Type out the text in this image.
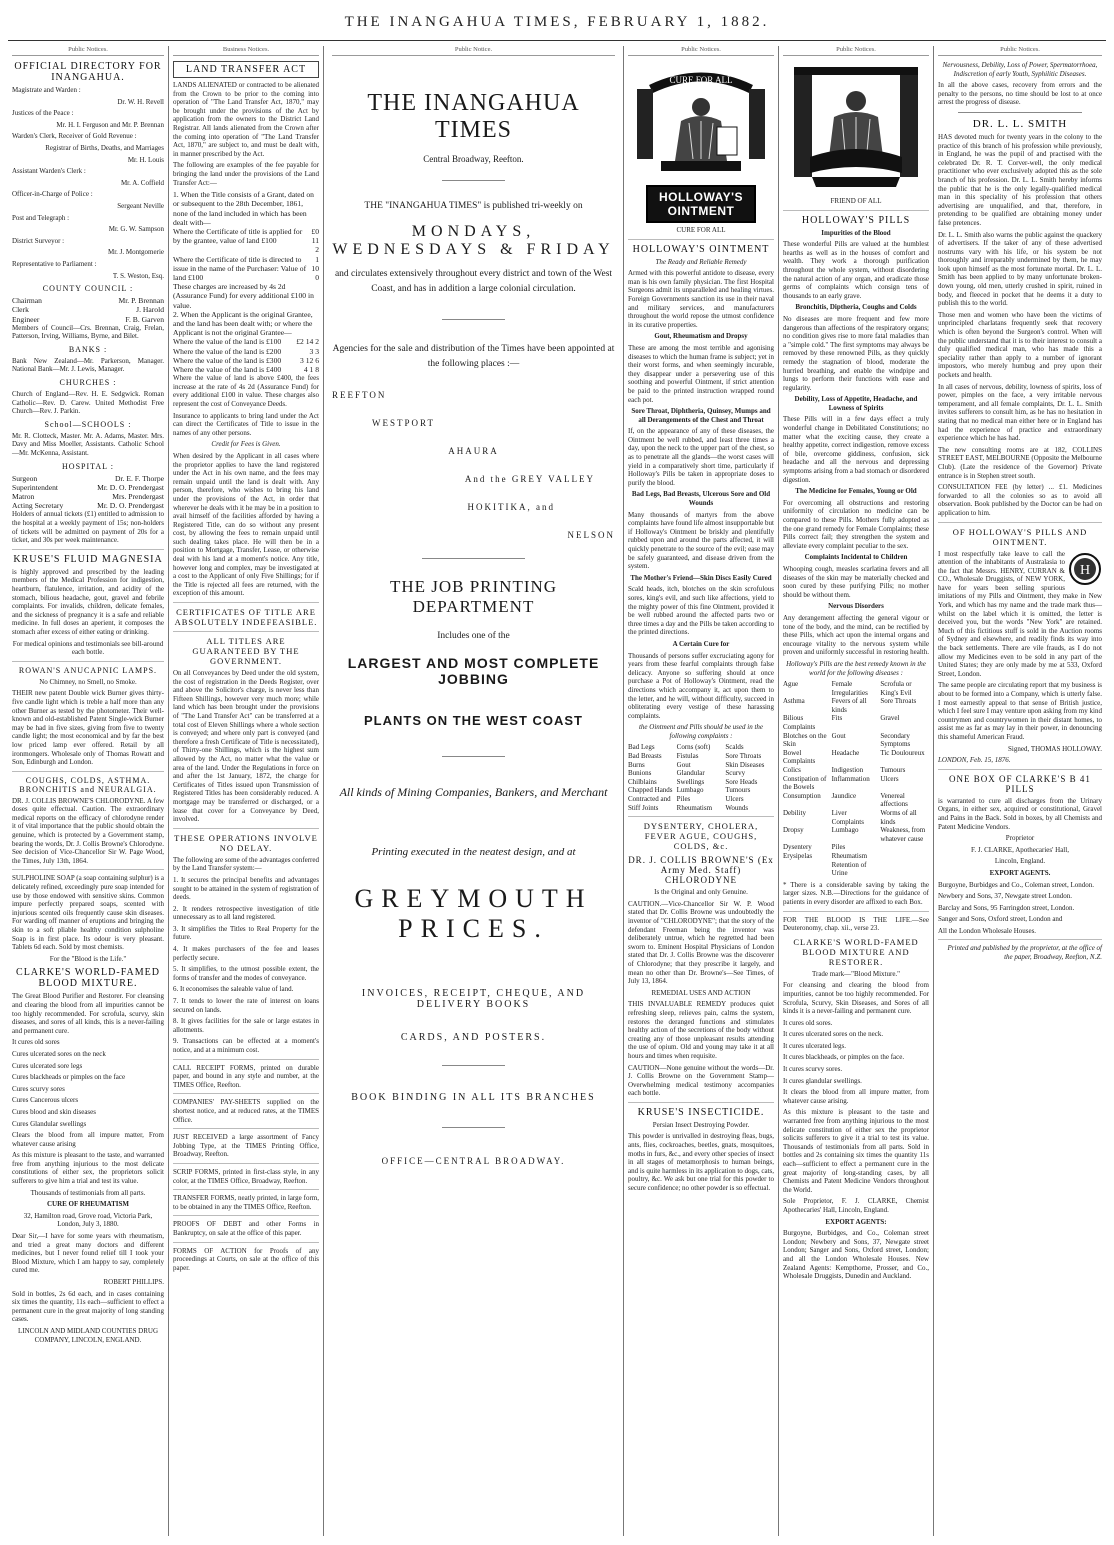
THE INANGAHUA TIMES, FEBRUARY 1, 1882.
Public Notices.
OFFICIAL DIRECTORY FOR INANGAHUA.
Magistrate and Warden :
Dr. W. H. Revell
Justices of the Peace :
Mr. H. I. Ferguson and Mr. P. Brennan
Warden's Clerk, Receiver of Gold Revenue :
Registrar of Births, Deaths, and Marriages
Mr. H. Louis
Assistant Warden's Clerk :
Mr. A. Coffield
Officer-in-Charge of Police :
Sergeant Neville
Post and Telegraph :
Mr. G. W. Sampson
District Surveyor :
Mr. J. Montgomerie
Representative to Parliament :
T. S. Weston, Esq.
COUNTY COUNCIL :
Chairman	Mr. P. Brennan
Clerk	J. Harold
Engineer	F. B. Garven
Members of Council—Crs. Brennan, Craig, Frelan, Patterson, Irving, Williams, Byrne, and Bilet.
BANKS :
Bank New Zealand—Mr. Parkerson, Manager. National Bank—Mr. J. Lewis, Manager.
CHURCHES :
Church of England—Rev. H. E. Sedgwick. Roman Catholic—Rev. D. Carew. United Methodist Free Church—Rev. J. Parkin.
School—SCHOOLS :
Mr. R. Clotteck, Master. Mr. A. Adams, Master. Mrs. Davy and Miss Moeller, Assistants. Catholic School—Mr. McKenna, Assistant.
HOSPITAL :
Surgeon	Dr. E. F. Thorpe
Superintendent	Mr. D. O. Prendergast
Matron	Mrs. Prendergast
Acting Secretary	Mr. D. O. Prendergast
Holders of annual tickets (£1) entitled to admission to the hospital at a weekly payment of 15s; non-holders of tickets will be admitted on payment of 20s for a ticket, and 30s per week maintenance.
KRUSE'S FLUID MAGNESIA
is highly approved and prescribed by the leading members of the Medical Profession for indigestion, heartburn, flatulence, irritation, and acidity of the stomach, bilious headache, gout, gravel and febrile complaints. For invalids, children, delicate females, and the sickness of pregnancy it is a safe and reliable medicine. In full doses an aperient, it composes the stomach after excess of either eating or drinking.
For medical opinions and testimonials see bill-around each bottle.
ROWAN'S ANUCAPNIC LAMPS.
No Chimney, no Smell, no Smoke.
THEIR new patent Double wick Burner gives thirty-five candle light which is treble a half more than any other Burner as tested by the photometer. Their well-known and old-established Patent Single-wick Burner may be had in five sizes, giving from five to twenty candle light; the most economical and by far the best low priced lamp ever offered. Retail by all ironmongers. Wholesale only of Thomas Rowatt and Son, Edinburgh and London.
COUGHS, COLDS, ASTHMA. BRONCHITIS and NEURALGIA.
DR. J. COLLIS BROWNE'S CHLORODYNE. A few doses quite effectual. Caution. The extraordinary medical reports on the efficacy of chlorodyne render it of vital importance that the public should obtain the genuine, which is protected by a Government stamp, bearing the words, Dr. J. Collis Browne's Chlorodyne. See decision of Vice-Chancellor Sir W. Page Wood, the Times, July 13th, 1864.
SULPHOLINE SOAP (a soap containing sulphur) is a delicately refined, exceedingly pure soap intended for use by those endowed with sensitive skins. Common impure perfectly prepared soaps, scented with injurious scented oils frequently cause skin diseases. For warding off manner of eruptions and bringing the skin to a soft pliable healthy condition sulpholine Soap is in first place. Its odour is very pleasant. Tablets 6d each. Sold by most chemists.
For the "Blood is the Life."
CLARKE'S WORLD-FAMED BLOOD MIXTURE.
The Great Blood Purifier and Restorer. For cleansing and clearing the blood from all impurities cannot be too highly recommended. For scrofula, scurvy, skin diseases, and sores of all kinds, this is a never-failing and permanent cure.
It cures old sores
Cures ulcerated sores on the neck
Cures ulcerated sore legs
Cures blackheads or pimples on the face
Cures scurvy sores
Cures Cancerous ulcers
Cures blood and skin diseases
Cures Glandular swellings
Clears the blood from all impure matter, From whatever cause arising
As this mixture is pleasant to the taste, and warranted free from anything injurious to the most delicate constitutions of either sex, the proprietors solicit sufferers to give him a trial and test its value.
Thousands of testimonials from all parts.
CURE OF RHEUMATISM
32, Hamilton road, Grove road, Victoria Park, London, July 3, 1880.
Dear Sir,—I have for some years with rheumatism, and tried a great many doctors and different medicines, but I never found relief till I took your Blood Mixture, which I am happy to say, completely cured me.
ROBERT PHILLIPS.
Sold in bottles, 2s 6d each, and in cases containing six times the quantity, 11s each—sufficient to effect a permanent cure in the great majority of long standing cases.
LINCOLN AND MIDLAND COUNTIES DRUG COMPANY, LINCOLN, ENGLAND.
Business Notices.
LAND TRANSFER ACT
LANDS ALIENATED or contracted to be alienated from the Crown to be prior to the coming into operation of "The Land Transfer Act, 1870," may be brought under the provisions of the Act by application from the owners to the District Land Registrar. All lands alienated from the Crown after the coming into operation of "The Land Transfer Act, 1870," are subject to, and must be dealt with, in manner prescribed by the Act.
The following are examples of the fee payable for bringing the land under the provisions of the Land Transfer Act:—
1. When the Title consists of a Grant, dated on or subsequent to the 28th December, 1861, none of the land included in which has been dealt with—
Where the Certificate of title is applied for by the grantee, value of land £100
£0 11 2
Where the Certificate of title is directed to issue in the name of the Purchaser: Value of land £100
1 10 0
These charges are increased by 4s 2d (Assurance Fund) for every additional £100 in value.
2. When the Applicant is the original Grantee, and the land has been dealt with; or where the Applicant is not the original Grantee—
Where the value of the land is £100 £2 14 2
Where the value of the land is £200	3 3
Where the value of the land is £300 3 12 6
Where the value of the land is £400	4 1 8
Where the value of land is above £400, the fees increase at the rate of 4s 2d (Assurance Fund) for every additional £100 in value. These charges also represent the cost of Conveyance Deeds.
Insurance to applicants to bring land under the Act can direct the Certificates of Title to issue in the names of any other persons.
Credit for Fees is Given.
When desired by the Applicant in all cases where the proprietor applies to have the land registered under the Act in his own name, and the fees may remain unpaid until the land is dealt with. Any person, therefore, who wishes to bring his land under the provisions of the Act, in order that wherever he deals with it he may be in a position to avail himself of the facilities afforded by having a Registered Title, can do so without any present cost, by allowing the fees to remain unpaid until such dealing takes place. He will then be in a position to Mortgage, Transfer, Lease, or otherwise deal with his land at a moment's notice. Any title, however long and complex, may be investigated at a cost to the Applicant of only Five Shillings; for if the Title is rejected all fees are returned, with the exception of this amount.
CERTIFICATES OF TITLE ARE ABSOLUTELY INDEFEASIBLE.
ALL TITLES ARE GUARANTEED BY THE GOVERNMENT.
On all Conveyances by Deed under the old system, the cost of registration in the Deeds Register, over and above the Solicitor's charge, is never less than Fifteen Shillings, however very much more; while land which has been brought under the provisions of "The Land Transfer Act" can be transferred at a total cost of Eleven Shillings where a whole section is conveyed; and where only part is conveyed (and therefore a fresh Certificate of Title is necessitated), of Thirty-one Shillings, which is the highest sum allowed by the Act, no matter what the value or area of the land. Under the Regulations in force on and after the 1st January, 1872, the charge for Certificates of Titles issued upon Transmission of Registered Titles has been considerably reduced. A mortgage may be transferred or discharged, or a lease that cover for a Conveyance by Deed, involved.
THESE OPERATIONS INVOLVE NO DELAY.
The following are some of the advantages conferred by the Land Transfer system:—
1. It secures the principal benefits and advantages sought to be attained in the system of registration of deeds.
2. It renders retrospective investigation of title unnecessary as to all land registered.
3. It simplifies the Titles to Real Property for the future.
4. It makes purchasers of the fee and leases perfectly secure.
5. It simplifies, to the utmost possible extent, the forms of transfer and the modes of conveyance.
6. It economises the saleable value of land.
7. It tends to lower the rate of interest on loans secured on lands.
8. It gives facilities for the sale or large estates in allotments.
9. Transactions can be effected at a moment's notice, and at a minimum cost.
CALL RECEIPT FORMS, printed on durable paper, and bound in any style and number, at the TIMES Office, Reefton.
COMPANIES' PAY-SHEETS supplied on the shortest notice, and at reduced rates, at the TIMES Office.
JUST RECEIVED a large assortment of Fancy Jobbing Type, at the TIMES Printing Office, Broadway, Reefton.
SCRIP FORMS, printed in first-class style, in any color, at the TIMES Office, Broadway, Reefton.
TRANSFER FORMS, neatly printed, in large form, to be obtained in any the TIMES Office, Reefton.
PROOFS OF DEBT and other Forms in Bankruptcy, on sale at the office of this paper.
FORMS OF ACTION for Proofs of any proceedings at Courts, on sale at the office of this paper.
Public Notice.
THE INANGAHUA TIMES
Central Broadway, Reefton.
THE "INANGAHUA TIMES" is published tri-weekly on
MONDAYS, WEDNESDAYS & FRIDAY
and circulates extensively throughout every district and town of the West Coast, and has in addition a large colonial circulation.
Agencies for the sale and distribution of the Times have been appointed at the following places :—
REEFTON
WESTPORT
AHAURA
And the GREY VALLEY
HOKITIKA, and
NELSON
THE JOB PRINTING DEPARTMENT
Includes one of the
LARGEST AND MOST COMPLETE JOBBING
PLANTS ON THE WEST COAST
All kinds of Mining Companies, Bankers, and Merchant
Printing executed in the neatest design, and at
GREYMOUTH PRICES.
INVOICES, RECEIPT, CHEQUE, AND DELIVERY BOOKS
CARDS, AND POSTERS.
BOOK BINDING IN ALL ITS BRANCHES
OFFICE—CENTRAL BROADWAY.
Public Notices.
CURE FOR ALL
HOLLOWAY'S OINTMENT
CURE FOR ALL
HOLLOWAY'S OINTMENT
The Ready and Reliable Remedy
Armed with this powerful antidote to disease, every man is his own family physician. The first Hospital Surgeons admit its unparalleled and healing virtues. Foreign Governments sanction its use in their naval and military services, and manufacturers throughout the world repose the utmost confidence in its curative properties.
Gout, Rheumatism and Dropsy
These are among the most terrible and agonising diseases to which the human frame is subject; yet in their worst forms, and when seemingly incurable, they disappear under a persevering use of this soothing and powerful Ointment, if strict attention be paid to the printed instruction wrapped round each pot.
Sore Throat, Diphtheria, Quinsey, Mumps and all Derangements of the Chest and Throat
If, on the appearance of any of these diseases, the Ointment be well rubbed, and least three times a day, upon the neck to the upper part of the chest, so as to penetrate all the glands—the worst cases will yield in a comparatively short time, particularly if Holloway's Pills be taken in appropriate doses to purify the blood.
Bad Legs, Bad Breasts, Ulcerous Sore and Old Wounds
Many thousands of martyrs from the above complaints have found life almost insupportable but if Holloway's Ointment be briskly and plentifully rubbed upon and around the parts affected, it will quickly penetrate to the source of the evil; ease may be safely guaranteed, and disease driven from the system.
The Mother's Friend—Skin Discs Easily Cured
Scald heads, itch, blotches on the skin scrofulous sores, king's evil, and such like affections, yield to the mighty power of this fine Ointment, provided it be well rubbed around the affected parts two or three times a day and the Pills be taken according to the printed directions.
A Certain Cure for
Thousands of persons suffer excruciating agony for years from these fearful complaints through false delicacy. Anyone so suffering should at once purchase a Pot of Holloway's Ointment, read the directions which accompany it, act upon them to the letter, and he will, without difficulty, succeed in obliterating every vestige of these harassing complaints.
the Ointment and Pills should be used in the following complaints :
Bad Legs	Corns (soft)	Scalds
Bad Breasts	Fistulas	Sore Throats
Burns	Gout	Skin Diseases
Bunions	Glandular	Scurvy
Chilblains	Swellings	Sore Heads
Chapped Hands Lumbago	Tumours
Contracted and Piles	Ulcers
Stiff Joints	Rheumatism	Wounds
DYSENTERY, CHOLERA, FEVER AGUE, COUGHS, COLDS, &c.
DR. J. COLLIS BROWNE'S (Ex Army Med. Staff) CHLORODYNE
Is the Original and only Genuine.
CAUTION.—Vice-Chancellor Sir W. P. Wood stated that Dr. Collis Browne was undoubtedly the inventor of "CHLORODYNE"; that the story of the defendant Freeman being the inventor was deliberately untrue, which he regretted had been sworn to. Eminent Hospital Physicians of London stated that Dr. J. Collis Browne was the discoverer of Chlorodyne; that they prescribe it largely, and mean no other than Dr. Browne's—See Times, of July 13, 1864.
REMEDIAL USES AND ACTION
THIS INVALUABLE REMEDY produces quiet refreshing sleep, relieves pain, calms the system, restores the deranged functions and stimulates healthy action of the secretions of the body without creating any of those unpleasant results attending the use of opium. Old and young may take it at all hours and times when requisite.
CAUTION—None genuine without the words—Dr. J. Collis Browne on the Government Stamp—Overwhelming medical testimony accompanies each bottle.
KRUSE'S INSECTICIDE.
Persian Insect Destroying Powder.
This powder is unrivalled in destroying fleas, bugs, ants, flies, cockroaches, beetles, gnats, mosquitoes, moths in furs, &c., and every other species of insect in all stages of metamorphosis to human beings, and is quite harmless in its application to dogs, cats, poultry, &c. We ask but one trial for this powder to secure confidence; no other powder is so effectual.
Public Notices.
FRIEND OF ALL
HOLLOWAY'S PILLS
Impurities of the Blood
These wonderful Pills are valued at the humblest hearths as well as in the houses of comfort and wealth. They work a thorough purification throughout the whole system, without disordering the natural action of any organ, and eradicate those germs of complaints which consign tens of thousands to an early grave.
Bronchitis, Diptheria, Coughs and Colds
No diseases are more frequent and few more dangerous than affections of the respiratory organs; no condition gives rise to more fatal maladies than a "simple cold." The first symptoms may always be removed by these renowned Pills, as they quickly remedy the stagnation of blood, moderate the hurried breathing, and enable the windpipe and lungs to perform their functions with ease and regularity.
Debility, Loss of Appetite, Headache, and Lowness of Spirits
These Pills will in a few days effect a truly wonderful change in Debilitated Constitutions; no matter what the exciting cause, they create a healthy appetite, correct indigestion, remove excess of bile, overcome giddiness, confusion, sick headache and all the nervous and depressing symptoms arising from a bad stomach or disordered digestion.
The Medicine for Females, Young or Old
For overcoming all obstructions and restoring uniformity of circulation no medicine can be compared to these Pills. Mothers fully adopted as the one grand remedy for Female Complaints; these Pills correct fail; they strengthen the system and alleviate every complaint peculiar to the sex.
Complaints Incidental to Children
Whooping cough, measles scarlatina fevers and all diseases of the skin may be materially checked and soon cured by these purifying Pills; no mother should be without them.
Nervous Disorders
Any derangement affecting the general vigour or tone of the body, and the mind, can be rectified by these Pills, which act upon the internal organs and encourage vitality to the nervous system while proven and uniformly successful in restoring health.
Holloway's Pills are the best remedy known in the world for the following diseases :
Ague	Female Irregularities
Scrofula or King's Evil
Asthma	Fevers of all kinds
Sore Throats
Bilious Complaints
Fits	Gravel
Blotches on the Skin
Gout	Secondary Symptoms
Bowel Complaints
Headache	Tic Douloureux
Colics	Indigestion	Tumours
Constipation of the Bowels
Inflammation	Ulcers
Consumption	Jaundice	Venereal affections
Debility	Liver Complaints
Worms of all kinds
Dropsy	Lumbago	Weakness, from whatever cause
Dysentery	Piles
Erysipelas	Rheumatism
Retention of Urine
* There is a considerable saving by taking the larger sizes. N.B.—Directions for the guidance of patients in every disorder are affixed to each Box.
FOR THE BLOOD IS THE LIFE.—See Deuteronomy, chap. xii., verse 23.
CLARKE'S WORLD-FAMED BLOOD MIXTURE AND RESTORER.
Trade mark—"Blood Mixture."
For cleansing and clearing the blood from impurities, cannot be too highly recommended. For Scrofula, Scurvy, Skin Diseases, and Sores of all kinds it is a never-failing and permanent cure.
It cures old sores.
It cures ulcerated sores on the neck.
It cures ulcerated legs.
It cures blackheads, or pimples on the face.
It cures scurvy sores.
It cures glandular swellings.
It clears the blood from all impure matter, from whatever cause arising.
As this mixture is pleasant to the taste and warranted free from anything injurious to the most delicate constitution of either sex the proprietor solicits sufferers to give it a trial to test its value. Thousands of testimonials from all parts. Sold in bottles and 2s containing six times the quantity 11s each—sufficient to effect a permanent cure in the great majority of long-standing cases, by all Chemists and Patent Medicine Vendors throughout the World.
Sole Proprietor, F. J. CLARKE, Chemist Apothecaries' Hall, Lincoln, England.
EXPORT AGENTS:
Burgoyne, Burbidges, and Co., Coleman street London; Newbery and Sons, 37, Newgate street London; Sanger and Sons, Oxford street, London; and all the London Wholesale Houses. New Zealand Agents: Kempthorne, Prosser, and Co., Wholesale Druggists, Dunedin and Auckland.
Public Notices.
Nervousness, Debility, Loss of Power, Spermatorrhoea, Indiscretion of early Youth, Syphilitic Diseases.
In all the above cases, recovery from errors and the penalty to the persons, no time should be lost to at once arrest the progress of disease.
DR. L. L. SMITH
HAS devoted much for twenty years in the colony to the practice of this branch of his profession while previously, in England, he was the pupil of and practised with the celebrated Dr. R. T. Corver-well, the only medical practitioner who ever exclusively adopted this as the sole branch of his profession. Dr. L. L. Smith hereby informs the public that he is the only legally-qualified medical man in this speciality of his profession that others advertising are unqualified, and that, therefore, in pretending to be qualified are obtaining money under false pretences.
Dr. L. L. Smith also warns the public against the quackery of advertisers. If the taker of any of these advertised nostrums vary with his life, or his system be not thoroughly and irreparably undermined by them, he may look upon himself as the most fortunate mortal. Dr. L. L. Smith has been applied to by many unfortunate broken-down young, old men, utterly crushed in spirit, ruined in body, and fleeced in pocket that he deems it a duty to publish this to the world.
Those men and women who have been the victims of unprincipled charlatans frequently seek that recovery which is often beyond the Surgeon's control. When will the public understand that it is to their interest to consult a duly qualified medical man, who has made this a speciality rather than apply to a number of ignorant impostors, who merely humbug and prey upon their pockets and health.
In all cases of nervous, debility, lowness of spirits, loss of power, pimples on the face, a very irritable nervous temperament, and all female complaints, Dr. L. L. Smith invites sufferers to consult him, as he has no hesitation in stating that no medical man either here or in England has had the experience of practice and extraordinary experience which he has had.
The new consulting rooms are at 182, COLLINS STREET EAST, MELBOURNE (Opposite the Melbourne Club). (Late the residence of the Governor) Private entrance is in Stephen street south.
CONSULTATION FEE (by letter) ... £1. Medicines forwarded to all the colonies so as to avoid all observation. Book published by the Doctor can be had on application to him.
OF HOLLOWAY'S PILLS AND OINTMENT.
H
I most respectfully take leave to call the attention of the inhabitants of Australasia to the fact that Messrs. HENRY, CURRAN & CO., Wholesale Druggists, of NEW YORK, have for years been selling spurious imitations of my Pills and Ointment, they make in New York, and which has my name and the trade mark thus— whilst on the label which it is omitted, the letter is deceived you, but the words "New York" are retained. Much of this fictitious stuff is sold in the Auction rooms of Sydney and elsewhere, and readily finds its way into the back settlements. There are vile frauds, as I do not allow my Medicines even to be sold in any part of the United States; they are only made by me at 533, Oxford Street, London.
The same people are circulating report that my business is about to be formed into a Company, which is utterly false. I most earnestly appeal to that sense of British justice, which I feel sure I may venture upon asking from my kind countrymen and countrywomen in their distant homes, to assist me as far as may lay in their power, in denouncing this shameful American Fraud.
Signed, THOMAS HOLLOWAY.
LONDON, Feb. 15, 1876.
ONE BOX OF CLARKE'S B 41 PILLS
is warranted to cure all discharges from the Urinary Organs, in either sex, acquired or constitutional, Gravel and Pains in the Back. Sold in boxes, by all Chemists and Patent Medicine Vendors.
Proprietor
F. J. CLARKE, Apothecaries' Hall,
Lincoln, England.
EXPORT AGENTS.
Burgoyne, Burbidges and Co., Coleman street, London.
Newbery and Sons, 37, Newgate street London.
Barclay and Sons, 95 Farringdon street, London.
Sanger and Sons, Oxford street, London and
All the London Wholesale Houses.
Printed and published by the proprietor, at the office of the paper, Broadway, Reefton, N.Z.
